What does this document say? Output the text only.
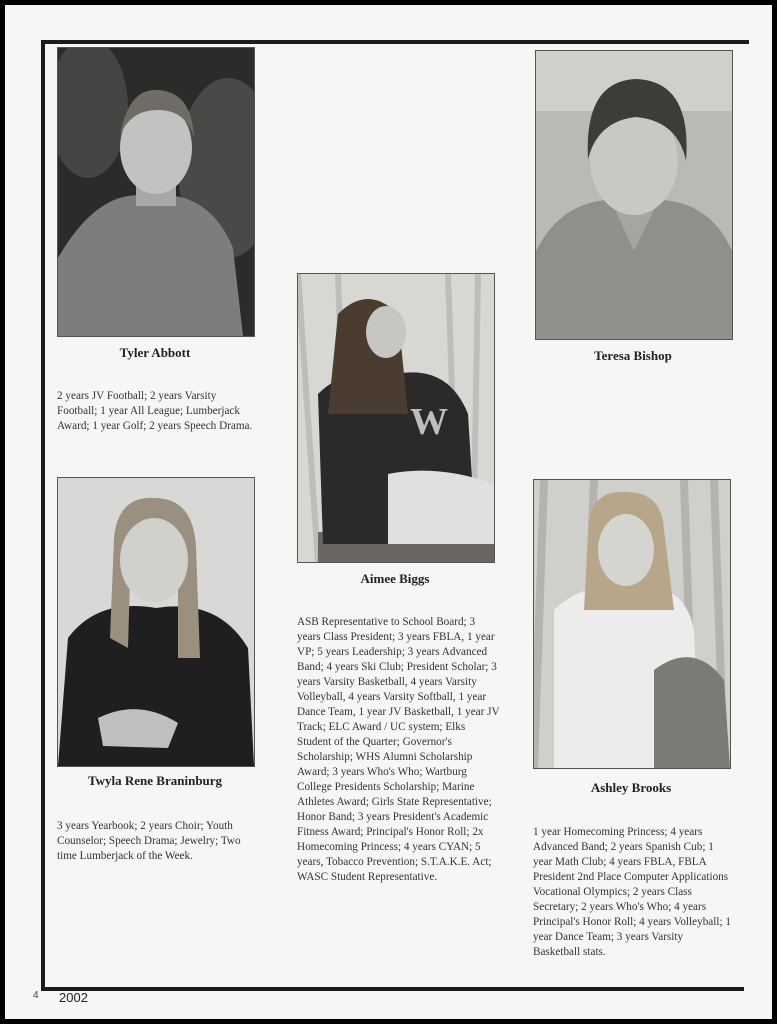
Tyler Abbott
2 years JV Football; 2 years Varsity Football; 1 year All League; Lumberjack Award; 1 year Golf; 2 years Speech Drama.
Teresa Bishop
W
Aimee Biggs
ASB Representative to School Board; 3 years Class President; 3 years FBLA, 1 year VP; 5 years Leadership; 3 years Advanced Band; 4 years Ski Club; President Scholar; 3 years Varsity Basketball, 4 years Varsity Volleyball, 4 years Varsity Softball, 1 year Dance Team, 1 year JV Basketball, 1 year JV Track; ELC Award / UC system; Elks Student of the Quarter; Governor's Scholarship; WHS Alumni Scholarship Award; 3 years Who's Who; Wartburg College Presidents Scholarship; Marine Athletes Award; Girls State Representative; Honor Band; 3 years President's Academic Fitness Award; Principal's Honor Roll; 2x Homecoming Princess; 4 years CYAN; 5 years, Tobacco Prevention; S.T.A.K.E. Act; WASC Student Representative.
Twyla Rene Braninburg
3 years Yearbook; 2 years Choir; Youth Counselor; Speech Drama; Jewelry; Two time Lumberjack of the Week.
Ashley Brooks
1 year Homecoming Princess; 4 years Advanced Band; 2 years Spanish Cub; 1 year Math Club; 4 years FBLA, FBLA President 2nd Place Computer Applications Vocational Olympics; 2 years Class Secretary; 2 years Who's Who; 4 years Principal's Honor Roll; 4 years Volleyball; 1 year Dance Team; 3 years Varsity Basketball stats.
4 2002
